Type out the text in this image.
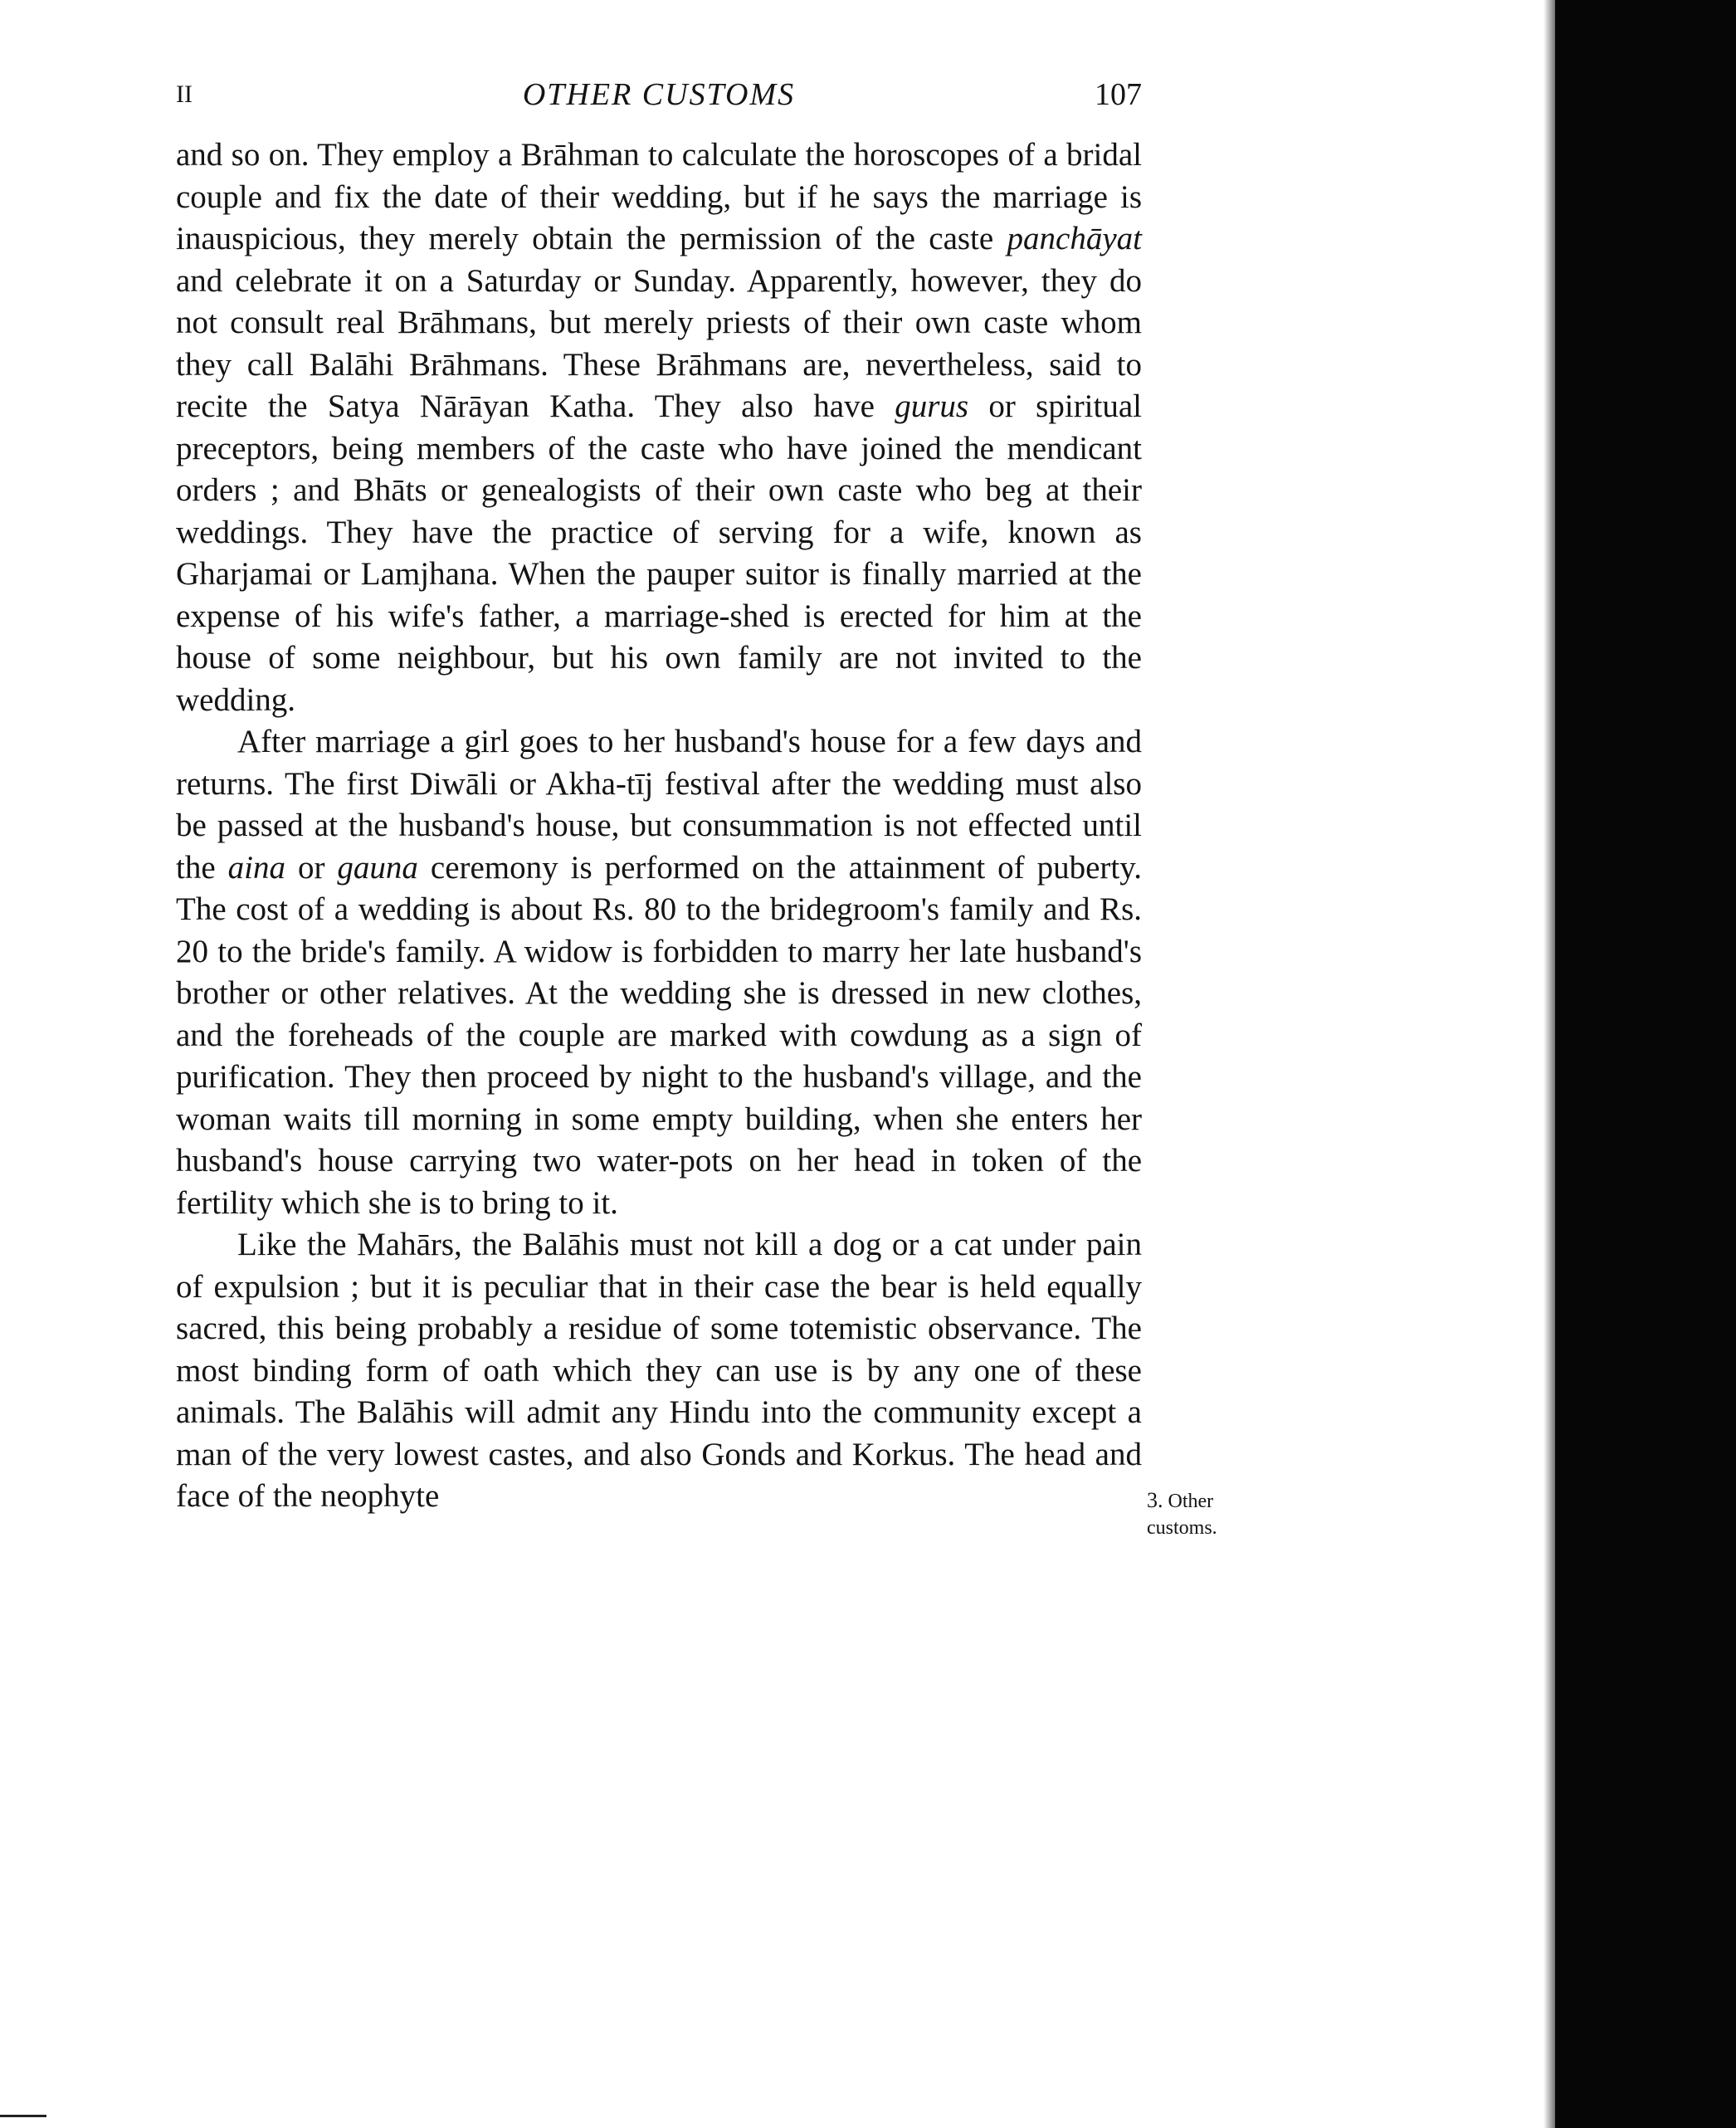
II	OTHER CUSTOMS	107

and so on. They employ a Brāhman to calculate the horoscopes of a bridal couple and fix the date of their wedding, but if he says the marriage is inauspicious, they merely obtain the permission of the caste panchāyat and celebrate it on a Saturday or Sunday. Apparently, however, they do not consult real Brāhmans, but merely priests of their own caste whom they call Balāhi Brāhmans. These Brāhmans are, nevertheless, said to recite the Satya Nārāyan Katha. They also have gurus or spiritual preceptors, being members of the caste who have joined the mendicant orders ; and Bhāts or genealogists of their own caste who beg at their weddings. They have the practice of serving for a wife, known as Gharjamai or Lamjhana. When the pauper suitor is finally married at the expense of his wife's father, a marriage-shed is erected for him at the house of some neighbour, but his own family are not invited to the wedding.

After marriage a girl goes to her husband's house for a few days and returns. The first Diwāli or Akha-tīj festival after the wedding must also be passed at the husband's house, but consummation is not effected until the aina or gauna ceremony is performed on the attainment of puberty. The cost of a wedding is about Rs. 80 to the bridegroom's family and Rs. 20 to the bride's family. A widow is forbidden to marry her late husband's brother or other relatives. At the wedding she is dressed in new clothes, and the foreheads of the couple are marked with cowdung as a sign of purification. They then proceed by night to the husband's village, and the woman waits till morning in some empty building, when she enters her husband's house carrying two water-pots on her head in token of the fertility which she is to bring to it.

Like the Mahārs, the Balāhis must not kill a dog or a cat under pain of expulsion ; but it is peculiar that in their case the bear is held equally sacred, this being probably a residue of some totemistic observance. The most binding form of oath which they can use is by any one of these animals. The Balāhis will admit any Hindu into the community except a man of the very lowest castes, and also Gonds and Korkus. The head and face of the neophyte	3. Other
customs.
